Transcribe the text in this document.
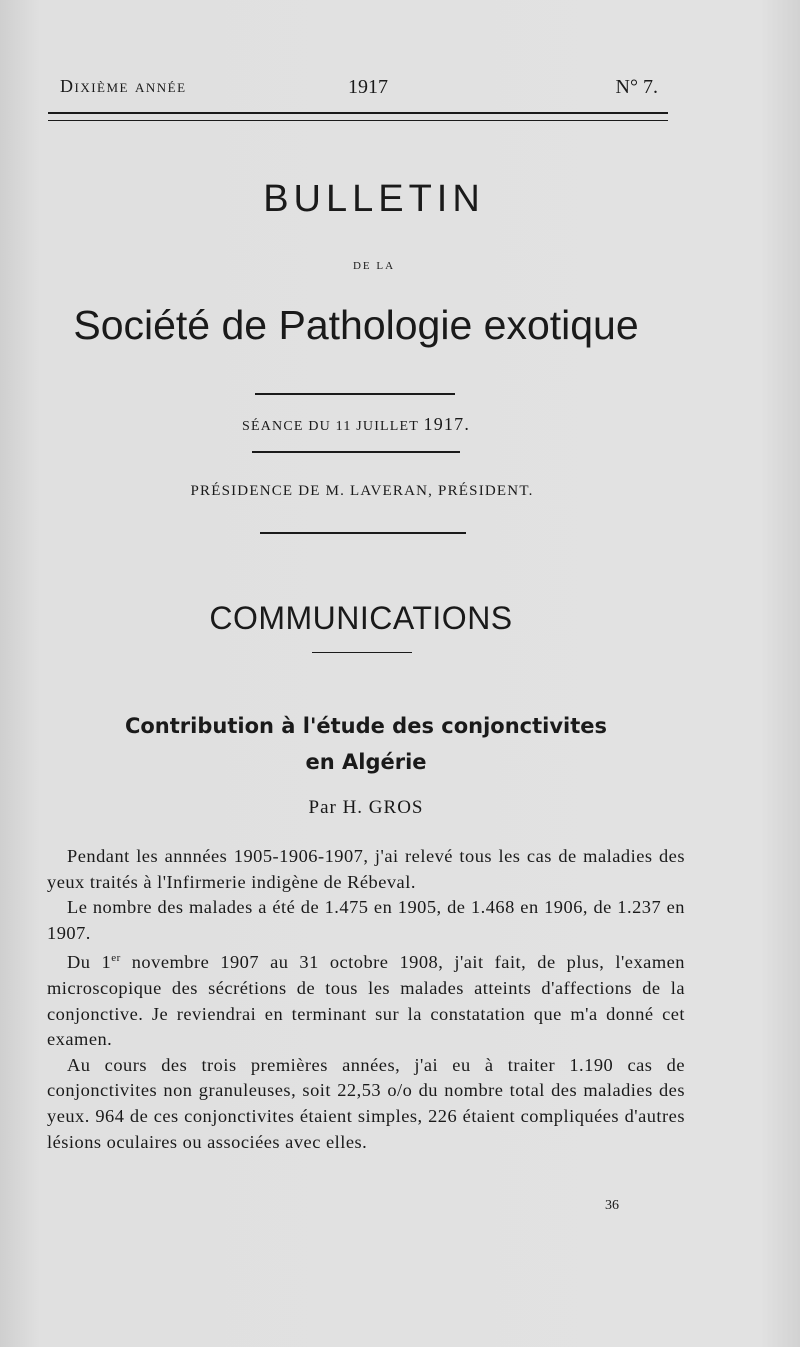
Dixième année	1917	N° 7.
BULLETIN
DE LA
Société de Pathologie exotique
SÉANCE DU 11 JUILLET 1917.
PRÉSIDENCE DE M. LAVERAN, PRÉSIDENT.
COMMUNICATIONS
Contribution à l'étude des conjonctivites
en Algérie
Par H. GROS

Pendant les annnées 1905-1906-1907, j'ai relevé tous les cas de maladies des yeux traités à l'Infirmerie indigène de Rébeval.

Le nombre des malades a été de 1.475 en 1905, de 1.468 en 1906, de 1.237 en 1907.

Du 1er novembre 1907 au 31 octobre 1908, j'ait fait, de plus, l'examen microscopique des sécrétions de tous les malades atteints d'affections de la conjonctive. Je reviendrai en terminant sur la constatation que m'a donné cet examen.

Au cours des trois premières années, j'ai eu à traiter 1.190 cas de conjonctivites non granuleuses, soit 22,53 o/o du nombre total des maladies des yeux. 964 de ces conjonctivites étaient simples, 226 étaient compliquées d'autres lésions oculaires ou associées avec elles.

36
